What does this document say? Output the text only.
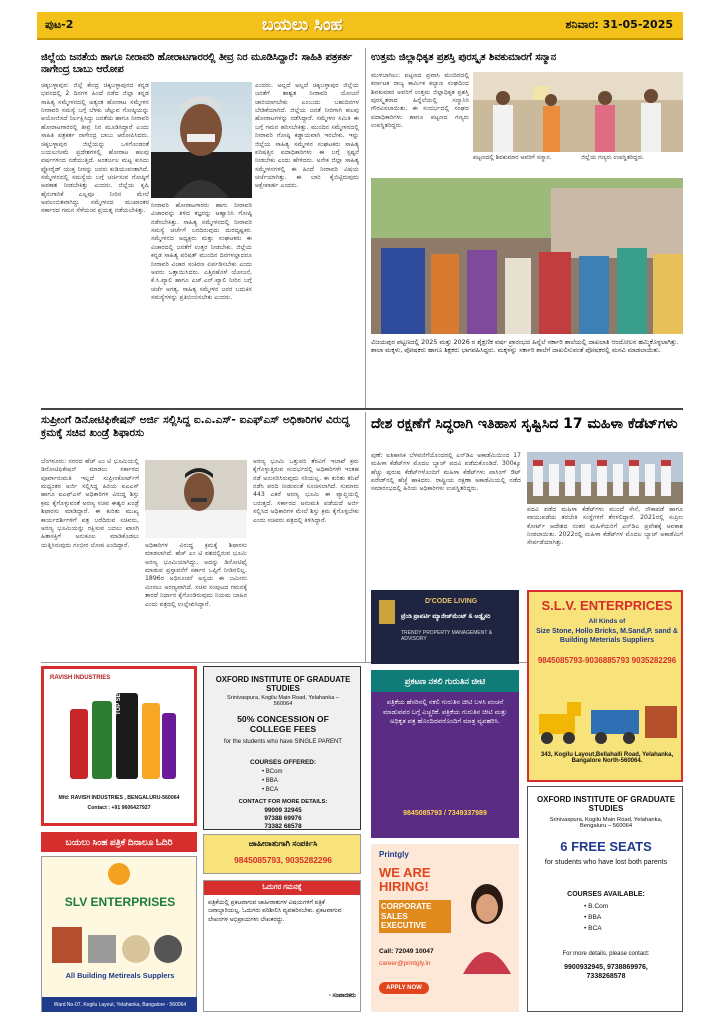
ಪುಟ-2	ಬಯಲು ಸಿಂಹ	ಶನಿವಾರ: 31-05-2025
ಜಿಲ್ಲೆಯ ಜನತೆಯ ಹಾಗೂ ನೀರಾವರಿ ಹೋರಾಟಗಾರರಲ್ಲಿ ತೀವ್ರ ನಿರ ಮೂಡಿಸಿದ್ದಾರೆ: ಸಾಹಿತಿ ಪತ್ರಕರ್ತ ನಾಗೇಂದ್ರ ಬಾಬು ಆರೋಪ
ಚಿಕ್ಕಬಳ್ಳಾಪುರ: ಜಿಲ್ಲೆ ಕೇಂದ್ರ ಚಿಕ್ಕಬಳ್ಳಾಪುರದ ಕನ್ನಡ ಭವನದಲ್ಲಿ 2 ದಿನಗಳ ಹಿಂದೆ ನಡೆದ ಜಿಲ್ಲಾ ಕನ್ನಡ ಸಾಹಿತ್ಯ ಸಮ್ಮೇಳನದಲ್ಲಿ ಅತ್ಯಂತ ಹೋರಾಟ ಸಮ್ಮೇಳನ ನೀರಾವರಿ ಸಮಸ್ಯೆ ಬಗ್ಗೆ ಬೆಳಕು ಚೆಲ್ಲುವ ಗೋಷ್ಠಿಯನ್ನು ಆಯೋಜಿಸದೆ ನಿರ್ಲಕ್ಷಿಸಿದ್ದು ಜನತೆಯ ಹಾಗೂ ನೀರಾವರಿ ಹೋರಾಟಗಾರರಲ್ಲಿ ತೀವ್ರ ನಿರ ಮೂಡಿಸಿದ್ದಾರೆ ಎಂದು ಸಾಹಿತಿ ಪತ್ರಕರ್ತ ನಾಗೇಂದ್ರ ಬಾಬು ಆರೋಪಿಸಿದರು. ಚಿಕ್ಕಬಳ್ಳಾಪುರ ಜಿಲ್ಲೆಯನ್ನು ಒಳಗೊಂಡಂತೆ ಬಯಲುಸೀಮೆ ಪ್ರದೇಶಗಳಲ್ಲಿ ಹೋರಾಟ ಹಲವು ವರ್ಷಗಳಿಂದ ನಡೆಯುತ್ತಿದೆ. ಅಂತರ್ಜಲ ಮಟ್ಟ ಕುಸಿದು ಫ್ಲೋರೈಡ್ ಯುಕ್ತ ನೀರನ್ನು ಜನರು ಕುಡಿಯುವಂತಾಗಿದೆ. ಸಮ್ಮೇಳನದಲ್ಲಿ ಸಮಸ್ಯೆಯ ಬಗ್ಗೆ ಚರ್ಚಿಸುವ ಗೋಷ್ಠಿಗೆ ಅವಕಾಶ ನೀಡಬೇಕಿತ್ತು ಎಂದರು. ಜಿಲ್ಲೆಯ ಕೃಷಿ ಹೈನುಗಾರಿಕೆ ಎಲ್ಲವೂ ನೀರಿನ ಮೇಲೆ ಅವಲಂಬಿತವಾಗಿದ್ದು ಸಮ್ಮೇಳನದ ಮುಖಾಂತರ ಸರ್ಕಾರದ ಗಮನ ಸೆಳೆಯುವ ಪ್ರಯತ್ನ ನಡೆಯಬೇಕಿತ್ತು.
ನೀರಾವರಿ ಹೋರಾಟಗಾರರು ಹಾಗು ನೀರಾವರಿ ವಿಚಾರವನ್ನು ತಿಳಿದ ತಜ್ಞರನ್ನು ಆಹ್ವಾನಿಸಿ ಗೋಷ್ಠಿ ನಡೆಸಬೇಕಿತ್ತು. ಸಾಹಿತ್ಯ ಸಮ್ಮೇಳನದಲ್ಲಿ ನೀರಾವರಿ ಸಮಸ್ಯೆ ಚರ್ಚೆಗೆ ಬರದಿರುವುದು ದುರದೃಷ್ಟಕರ. ಸಮ್ಮೇಳನದ ಅಧ್ಯಕ್ಷರು ಮತ್ತು ಸಂಘಟಕರು ಈ ವಿಚಾರದಲ್ಲಿ ಜನತೆಗೆ ಉತ್ತರ ನೀಡಬೇಕು. ಜಿಲ್ಲೆಯ ಕನ್ನಡ ಸಾಹಿತ್ಯ ಪರಿಷತ್ ಮುಂದಿನ ದಿನಗಳಲ್ಲಾದರೂ ನೀರಾವರಿ ವಿಚಾರ ಸಂಕಿರಣ ಏರ್ಪಡಿಸಬೇಕು ಎಂದು ಅವರು ಒತ್ತಾಯಿಸಿದರು. ಎತ್ತಿನಹೊಳೆ ಯೋಜನೆ, ಕೆ.ಸಿ.ವ್ಯಾಲಿ ಹಾಗೂ ಎಚ್.ಎನ್.ವ್ಯಾಲಿ ನೀರಿನ ಬಗ್ಗೆ ಚರ್ಚೆ ಅಗತ್ಯ. ಸಾಹಿತ್ಯ ಸಮ್ಮೇಳನ ಜನರ ಬದುಕಿನ ಸಮಸ್ಯೆಗಳನ್ನು ಪ್ರತಿಬಿಂಬಿಸಬೇಕು ಎಂದರು.
ಎಂದರು. ಅಲ್ಲದೆ ಅಲ್ಲದೆ ಚಿಕ್ಕಬಳ್ಳಾಪುರ ಜಿಲ್ಲೆಯ ಜನತೆಗೆ ಶಾಶ್ವತ ನೀರಾವರಿ ಯೋಜನೆ ಜಾರಿಯಾಗಬೇಕು ಎಂಬುದು ಬಹುದಿನಗಳ ಬೇಡಿಕೆಯಾಗಿದೆ. ಜಿಲ್ಲೆಯ ಜನತೆ ನೀರಿಗಾಗಿ ಹಲವು ಹೋರಾಟಗಳನ್ನು ನಡೆಸಿದ್ದಾರೆ. ಸಮ್ಮೇಳನ ಸಮಿತಿ ಈ ಬಗ್ಗೆ ಗಮನ ಹರಿಸಬೇಕಿತ್ತು. ಮುಂದಿನ ಸಮ್ಮೇಳನದಲ್ಲಿ ನೀರಾವರಿ ಗೋಷ್ಠಿ ಕಡ್ಡಾಯವಾಗಿ ಇರಬೇಕು. ಇನ್ನು ಜಿಲ್ಲೆಯ ಸಾಹಿತ್ಯ ಸಮ್ಮೇಳನ ಸಂಘಟಕರು ಸಾಹಿತ್ಯ ಪರಿಷತ್ತಿನ ಪದಾಧಿಕಾರಿಗಳು ಈ ಬಗ್ಗೆ ಸ್ಪಷ್ಟನೆ ನೀಡಬೇಕು ಎಂದು ಹೇಳಿದರು. ಅನೇಕ ಜಿಲ್ಲಾ ಸಾಹಿತ್ಯ ಸಮ್ಮೇಳನಗಳಲ್ಲಿ ಈ ಹಿಂದೆ ನೀರಾವರಿ ವಿಷಯ ಚರ್ಚೆಯಾಗಿತ್ತು. ಈ ಬಾರಿ ಕೈಬಿಟ್ಟಿರುವುದು ಆಕ್ಷೇಪಾರ್ಹ ಎಂದರು.
ಉತ್ತಮ ಜಿಲ್ಲಾಧಿಕೃತ ಪ್ರಶಸ್ತಿ ಪುರಸ್ಕೃತ ಶಿವಕುಮಾರಗೆ ಸನ್ಮಾನ
ಮುಳಬಾಗಿಲು: ಪಟ್ಟಣದ ಪ್ರವಾಸಿ ಮಂದಿರದಲ್ಲಿ ಕರ್ನಾಟಕ ರಾಜ್ಯ ಕಾರ್ಮಿಕ ಕಲ್ಯಾಣ ಸಂಘದಿಂದ ಶಿವಕುಮಾರ ಅವರಿಗೆ ಉತ್ತಮ ಜಿಲ್ಲಾಧಿಕೃತ ಪ್ರಶಸ್ತಿ ಪುರಸ್ಕೃತರಾದ ಹಿನ್ನೆಲೆಯಲ್ಲಿ ಸನ್ಮಾನಿಸಿ ಗೌರವಿಸಲಾಯಿತು. ಈ ಸಂದರ್ಭದಲ್ಲಿ ಸಂಘದ ಪದಾಧಿಕಾರಿಗಳು ಹಾಗೂ ಪಟ್ಟಣದ ಗಣ್ಯರು ಉಪಸ್ಥಿತರಿದ್ದರು.
ಪಟ್ಟಣದಲ್ಲಿ ಶಿವಕುಮಾರ ಅವರಿಗೆ ಸನ್ಮಾನ.	ಜಿಲ್ಲೆಯ ಗಣ್ಯರು ಉಪಸ್ಥಿತರಿದ್ದರು.
ವಿಜಯಪುರ ಪಟ್ಟಣದಲ್ಲಿ 2025 ಮತ್ತು 2026 ರ ಶೈಕ್ಷಣಿಕ ವರ್ಷ ಪ್ರಾರಂಭದ ಹಿನ್ನೆಲೆ ಸರ್ಕಾರಿ ಶಾಲೆಯಲ್ಲಿ ದಾಖಲಾತಿ ಆಂದೋಲನ ಹಮ್ಮಿಕೊಳ್ಳಲಾಗಿತ್ತು. ಶಾಲಾ ಮಕ್ಕಳು, ಪೋಷಕರು ಹಾಗೂ ಶಿಕ್ಷಕರು ಭಾಗವಹಿಸಿದ್ದರು. ಮಕ್ಕಳನ್ನು ಸರ್ಕಾರಿ ಶಾಲೆಗೆ ದಾಖಲಿಸುವಂತೆ ಪೋಷಕರಲ್ಲಿ ಮನವಿ ಮಾಡಲಾಯಿತು.
ಸುಪ್ರೀಂಗೆ ಡಿನೋಟಿಫಿಕೇಷನ್ ಅರ್ಜಿ ಸಲ್ಲಿಸಿದ್ದ ಐ.ಎ.ಎಸ್- ಐಎಫ್‌ಎಸ್ ಅಧಿಕಾರಿಗಳ ವಿರುದ್ಧ ಕ್ರಮಕ್ಕೆ ಸಚಿವ ಖಂಡ್ರೆ ಶಿಫಾರಸು
ಬೆಂಗಳೂರು: ನಗರದ ಹೆಚ್ ಎಂ ಟಿ ಭೂಮಿಯಲ್ಲಿ ಡಿನೋಟಿಫಿಕೇಷನ್ ಮಾಡಲು ಸರ್ಕಾರದ ಪೂರ್ವಾನುಮತಿ ಇಲ್ಲದೆ ಸುಪ್ರೀಂಕೋರ್ಟ್‌ಗೆ ಮಧ್ಯಂತರ ಅರ್ಜಿ ಸಲ್ಲಿಸಿದ್ದ ಹಿರಿಯ ಐಎಎಸ್ ಹಾಗೂ ಐಎಫ್‌ಎಸ್ ಅಧಿಕಾರಿಗಳ ವಿರುದ್ಧ ಶಿಸ್ತು ಕ್ರಮ ಕೈಗೊಳ್ಳುವಂತೆ ಅರಣ್ಯ ಸಚಿವ ಈಶ್ವರ ಖಂಡ್ರೆ ಶಿಫಾರಸು ಮಾಡಿದ್ದಾರೆ. ಈ ಕುರಿತು ಮುಖ್ಯ ಕಾರ್ಯದರ್ಶಿಗಳಿಗೆ ಪತ್ರ ಬರೆದಿರುವ ಸಚಿವರು, ಅರಣ್ಯ ಭೂಮಿಯನ್ನು ರಕ್ಷಿಸುವ ಬದಲು ಖಾಸಗಿ ಹಿತಾಸಕ್ತಿಗೆ ಅನುಕೂಲ ಮಾಡಿಕೊಡಲು ಯತ್ನಿಸಿರುವುದು ಗಂಭೀರ ಲೋಪ ಎಂದಿದ್ದಾರೆ.	ಅಧಿಕಾರಿಗಳ ವಿರುದ್ಧ ಕ್ರಮಕ್ಕೆ ಶಿಫಾರಸು ಮಾಡಲಾಗಿದೆ. ಹೆಚ್ ಎಂ ಟಿ ವಶದಲ್ಲಿರುವ ಭೂಮಿ ಅರಣ್ಯ ಭೂಮಿಯಾಗಿದ್ದು, ಅದನ್ನು ಡಿನೋಟಿಫೈ ಮಾಡುವ ಪ್ರಸ್ತಾವನೆಗೆ ಸರ್ಕಾರ ಒಪ್ಪಿಗೆ ನೀಡಿರಲಿಲ್ಲ. 1896ರ ಅಧಿಸೂಚನೆ ಅನ್ವಯ ಈ ಜಮೀನು ಮೀಸಲು ಅರಣ್ಯವಾಗಿದೆ. ಸಚಿವ ಸಂಪುಟದ ಗಮನಕ್ಕೆ ತಾರದೆ ನಿರ್ಧಾರ ಕೈಗೊಂಡಿರುವುದು ನಿಯಮ ಬಾಹಿರ ಎಂದು ಪತ್ರದಲ್ಲಿ ಉಲ್ಲೇಖಿಸಿದ್ದಾರೆ.
ಅರಣ್ಯ ಭೂಮಿ ಒತ್ತುವರಿ ತೆರವಿಗೆ ಇಲಾಖೆ ಕ್ರಮ ಕೈಗೊಳ್ಳುತ್ತಿರುವ ಸಂದರ್ಭದಲ್ಲಿ ಅಧಿಕಾರಿಗಳೇ ಇಂತಹ ನಡೆ ಅನುಸರಿಸಿರುವುದು ಸರಿಯಲ್ಲ. ಈ ಕುರಿತು ತನಿಖೆ ನಡೆಸಿ ವರದಿ ನೀಡುವಂತೆ ಸೂಚಿಸಲಾಗಿದೆ. ಸುಮಾರು 443 ಎಕರೆ ಅರಣ್ಯ ಭೂಮಿ ಈ ವ್ಯಾಪ್ತಿಯಲ್ಲಿ ಬರುತ್ತದೆ. ಸರ್ಕಾರದ ಅನುಮತಿ ಪಡೆಯದೆ ಅರ್ಜಿ ಸಲ್ಲಿಸಿದ ಅಧಿಕಾರಿಗಳ ಮೇಲೆ ಶಿಸ್ತು ಕ್ರಮ ಕೈಗೊಳ್ಳಬೇಕು ಎಂದು ಸಚಿವರು ಪತ್ರದಲ್ಲಿ ತಿಳಿಸಿದ್ದಾರೆ.
ದೇಶ ರಕ್ಷಣೆಗೆ ಸಿದ್ಧರಾಗಿ ಇತಿಹಾಸ ಸೃಷ್ಟಿಸಿದ 17 ಮಹಿಳಾ ಕೆಡೆಟ್‌ಗಳು
ಪುಣೆ: ಐತಿಹಾಸಿಕ ಬೆಳವಣಿಗೆಯೊಂದರಲ್ಲಿ ಎನ್‌ಡಿಎ ಅಕಾಡೆಮಿಯಿಂದ 17 ಮಹಿಳಾ ಕೆಡೆಟ್‌ಗಳ ಮೊದಲ ಬ್ಯಾಚ್ ಪದವಿ ಪಡೆದುಕೊಂಡಿದೆ. 300ಕ್ಕೂ ಹೆಚ್ಚು ಪುರುಷ ಕೆಡೆಟ್‌ಗಳೊಂದಿಗೆ ಮಹಿಳಾ ಕೆಡೆಟ್‌ಗಳು ಪಾಸಿಂಗ್ ಔಟ್ ಪರೇಡ್‌ನಲ್ಲಿ ಹೆಜ್ಜೆ ಹಾಕಿದರು. ರಾಷ್ಟ್ರೀಯ ರಕ್ಷಣಾ ಅಕಾಡೆಮಿಯಲ್ಲಿ ನಡೆದ ಸಮಾರಂಭದಲ್ಲಿ ಹಿರಿಯ ಅಧಿಕಾರಿಗಳು ಉಪಸ್ಥಿತರಿದ್ದರು.
ಪದವಿ ಪಡೆದ ಮಹಿಳಾ ಕೆಡೆಟ್‌ಗಳು ಮುಂದೆ ಸೇನೆ, ನೌಕಾಪಡೆ ಹಾಗೂ ವಾಯುಪಡೆಯ ತರಬೇತಿ ಸಂಸ್ಥೆಗಳಿಗೆ ತೆರಳಲಿದ್ದಾರೆ. 2021ರಲ್ಲಿ ಸುಪ್ರೀಂ ಕೋರ್ಟ್ ಆದೇಶದ ನಂತರ ಮಹಿಳೆಯರಿಗೆ ಎನ್‌ಡಿಎ ಪ್ರವೇಶಕ್ಕೆ ಅವಕಾಶ ನೀಡಲಾಯಿತು. 2022ರಲ್ಲಿ ಮಹಿಳಾ ಕೆಡೆಟ್‌ಗಳ ಮೊದಲ ಬ್ಯಾಚ್ ಅಕಾಡೆಮಿಗೆ ಸೇರ್ಪಡೆಯಾಗಿತ್ತು.
RAVISH INDUSTRIES
TOP SEVEN
Mfd: RAVISH INDUSTRIES , BENGALURU-560064
Contact : +91 9606427927
OXFORD INSTITUTE OF GRADUATE STUDIES
Srinivaspura, Kogilu Main Road, Yelahanka – 560064
50% CONCESSION OF COLLEGE FEES
for the students who have SINGLE PARENT
COURSES OFFERED:
• BCom
• BBA
• BCA
CONTACT FOR MORE DETAILS:
99009 32945
97388 69976
73382 68578
D'CODE LIVING
ಟ್ರೆಂಡಿ ಪ್ರಾಪರ್ಟಿ ಮ್ಯಾನೇಜ್‌ಮೆಂಟ್ & ಅಡ್ವೈಸರಿ
TRENDY PROPERTY MANAGEMENT & ADVISORY
S.L.V. ENTERPRICES
All Kinds of
Size Stone, Hollo Bricks, M.Sand,P. sand & Building Meterials Suppliers
9845085793-9036885793 9035282296
343, Kogilu Layout,Bellahalli Road, Yelahanka, Bangalore North-560064.
ಬಯಲು ಸಿಂಹ ಪತ್ರಿಕೆ ದಿನಾಲೂ ಓದಿರಿ
SLV ENTERPRISES
All Building Metireals Supplers
Ward No-07, Kogilu Layout, Yelahanka, Bangalore - 560064
ಜಾಹೀರಾತುಗಾಗಿ ಸಂಪರ್ಕಿಸಿ
9845085793, 9035282296
ಓದುಗರ ಗಮನಕ್ಕೆ
ಪತ್ರಿಕೆಯಲ್ಲಿ ಪ್ರಕಟವಾಗುವ ಜಾಹೀರಾತುಗಳ ವಿಷಯಗಳಿಗೆ ಪತ್ರಿಕೆ ಜವಾಬ್ದಾರಿಯಲ್ಲ. ಓದುಗರು ಪರಿಶೀಲಿಸಿ ವ್ಯವಹರಿಸಬೇಕು. ಪ್ರಕಟವಾಗುವ ಲೇಖನಗಳ ಅಭಿಪ್ರಾಯಗಳು ಲೇಖಕರದ್ದು.
- ಸಂಪಾದಕರು
ಪ್ರಕಟಣ ನಕಲಿ ಗುರುತಿನ ಚೀಟಿ
ಪತ್ರಿಕೆಯ ಹೆಸರಿನಲ್ಲಿ ನಕಲಿ ಗುರುತಿನ ಚೀಟಿ ಬಳಸಿ ವಂಚನೆ ಮಾಡುವವರ ಬಗ್ಗೆ ಎಚ್ಚರಿಕೆ. ಪತ್ರಿಕೆಯ ಗುರುತಿನ ಚೀಟಿ ಮತ್ತು ಅಧಿಕೃತ ಪತ್ರ ಹೊಂದಿದವರೊಂದಿಗೆ ಮಾತ್ರ ವ್ಯವಹರಿಸಿ.
9845085793 / 7349337989
Printgly
WE ARE HIRING!
CORPORATE SALES EXECUTIVE
Call: 72049 10047
career@printgly.in
APPLY NOW
OXFORD INSTITUTE OF GRADUATE STUDIES
Srinivaspura, Kogilu Main Road, Yelahanka, Bengaluru – 560064
6 FREE SEATS
for students who have lost both parents
COURSES AVAILABLE:
• B.Com
• BBA
• BCA
For more details, please contact:
9900932945, 9738869976, 7338268578
